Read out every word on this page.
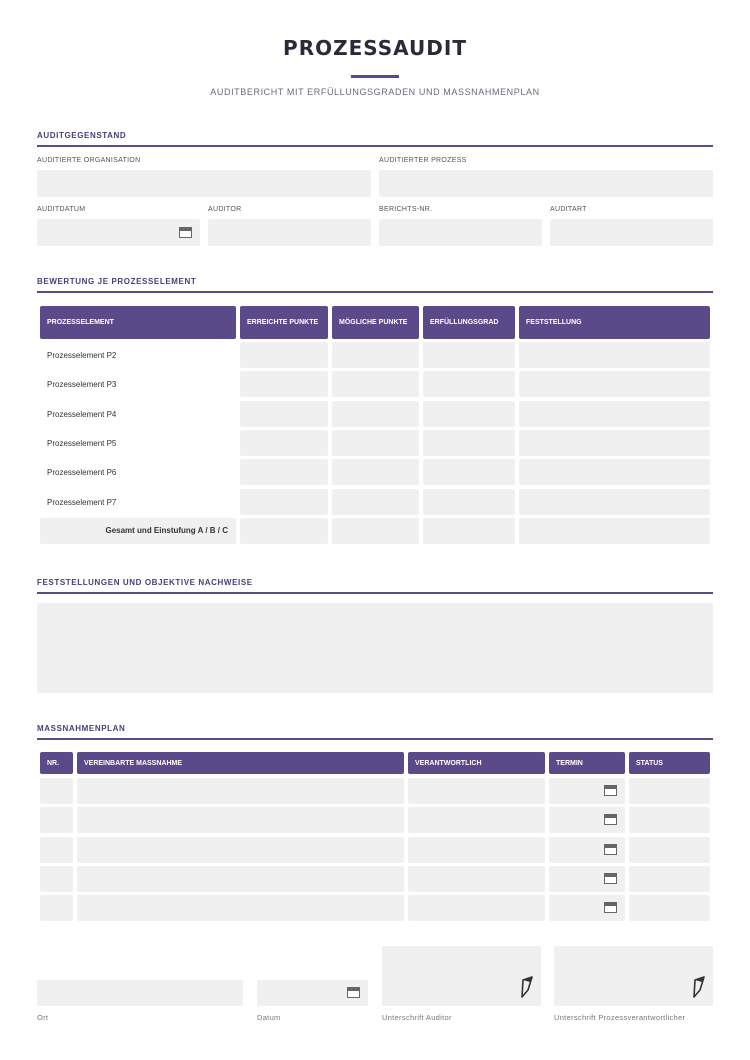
PROZESSAUDIT
AUDITBERICHT MIT ERFÜLLUNGSGRADEN UND MASSNAHMENPLAN
AUDITGEGENSTAND
AUDITIERTE ORGANISATION	AUDITIERTER PROZESS
AUDITDATUM	AUDITOR	BERICHTS-NR.	AUDITART
BEWERTUNG JE PROZESSELEMENT
PROZESSELEMENT	ERREICHTE PUNKTE	MÖGLICHE PUNKTE	ERFÜLLUNGSGRAD	FESTSTELLUNG
Prozesselement P2
Prozesselement P3
Prozesselement P4
Prozesselement P5
Prozesselement P6
Prozesselement P7
Gesamt und Einstufung A / B / C
FESTSTELLUNGEN UND OBJEKTIVE NACHWEISE
MASSNAHMENPLAN
NR.	VEREINBARTE MASSNAHME	VERANTWORTLICH	TERMIN	STATUS
Ort	Datum	Unterschrift Auditor	Unterschrift Prozessverantwortlicher
